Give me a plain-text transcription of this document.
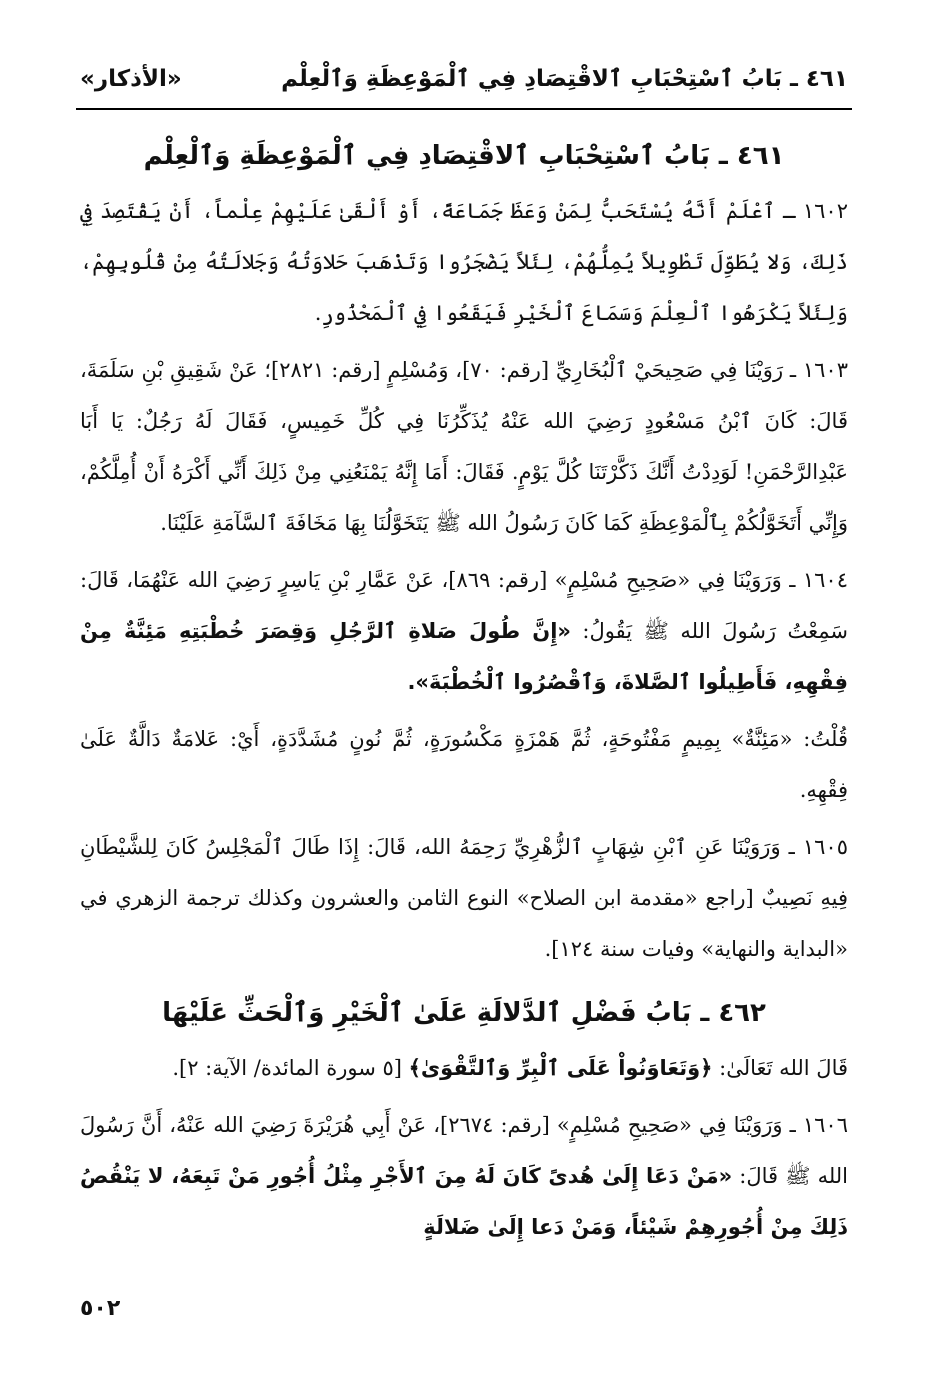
٤٦١ ـ بَابُ ٱسْتِحْبَابِ ٱلاقْتِصَادِ فِي ٱلْمَوْعِظَةِ وَٱلْعِلْم
«الأذكار»
٤٦١ ـ بَابُ ٱسْتِحْبَابِ ٱلاقْتِصَادِ فِي ٱلْمَوْعِظَةِ وَٱلْعِلْم

١٦٠٢ ـ ٱعْلَمْ أَنَّهُ يُسْتَحَبُّ لِمَنْ وَعَظَ جَمَاعَةً، أَوْ أَلْقَىٰ عَلَيْهِمْ عِلْماً، أَنْ يَقْتَصِدَ فِي ذَلِكَ، وَلا يُطَوِّلَ تَطْوِيلاً يُمِلُّهُمْ، لِئَلاً يَضْجَرُوا وَتَذْهَبَ حَلاوَتُهُ وَجَلالَتُهُ مِنْ قُلُوبِهِمْ، وَلِئَلاً يَكْرَهُوا ٱلْعِلْمَ وَسَمَاعَ ٱلْخَيْرِ فَيَقَعُوا فِي ٱلْمَحْذُورِ.

١٦٠٣ ـ رَوَيْنَا فِي صَحِيحَيْ ٱلْبُخَارِيِّ [رقم: ٧٠]، وَمُسْلِمٍ [رقم: ٢٨٢١]؛ عَنْ شَقِيقِ بْنِ سَلَمَةَ، قَالَ: كَانَ ٱبْنُ مَسْعُودٍ رَضِيَ الله عَنْهُ يُذَكِّرُنَا فِي كُلِّ خَمِيسٍ، فَقَالَ لَهُ رَجُلٌ: يَا أَبَا عَبْدِالرَّحْمَنِ! لَوَدِدْتُ أَنَّكَ ذَكَّرْتَنَا كُلَّ يَوْمٍ. فَقَالَ: أَمَا إِنَّهُ يَمْنَعُنِي مِنْ ذَلِكَ أَنِّي أَكْرَهُ أَنْ أُمِلَّكُمْ، وَإِنِّي أَتَخَوَّلُكُمْ بِٱلْمَوْعِظَةِ كَمَا كَانَ رَسُولُ الله ﷺ يَتَخَوَّلُنَا بِهَا مَخَافَةَ ٱلسَّآمَةِ عَلَيْنَا.

١٦٠٤ ـ وَرَوَيْنَا فِي «صَحِيحِ مُسْلِمٍ» [رقم: ٨٦٩]، عَنْ عَمَّارِ بْنِ يَاسِرٍ رَضِيَ الله عَنْهُمَا، قَالَ: سَمِعْتُ رَسُولَ الله ﷺ يَقُولُ: «إِنَّ طُولَ صَلاةِ ٱلرَّجُلِ وَقِصَرَ خُطْبَتِهِ مَئِنَّةٌ مِنْ فِقْهِهِ، فَأَطِيلُوا ٱلصَّلاةَ، وَٱقْصُرُوا ٱلْخُطْبَةَ».

قُلْتُ: «مَئِنَّةٌ» بِمِيمٍ مَفْتُوحَةٍ، ثُمَّ هَمْزَةٍ مَكْسُورَةٍ، ثُمَّ نُونٍ مُشَدَّدَةٍ، أَيْ: عَلامَةٌ دَالَّةٌ عَلَىٰ فِقْهِهِ.

١٦٠٥ ـ وَرَوَيْنَا عَنِ ٱبْنِ شِهَابٍ ٱلزُّهْرِيِّ رَحِمَهُ الله، قَالَ: إِذَا طَالَ ٱلْمَجْلِسُ كَانَ لِلشَّيْطَانِ فِيهِ نَصِيبٌ [راجع «مقدمة ابن الصلاح» النوع الثامن والعشرون وكذلك ترجمة الزهري في «البداية والنهاية» وفيات سنة ١٢٤].

٤٦٢ ـ بَابُ فَضْلِ ٱلدَّلالَةِ عَلَىٰ ٱلْخَيْرِ وَٱلْحَثِّ عَلَيْهَا

قَالَ الله تَعَالَىٰ: ﴿وَتَعَاوَنُواْ عَلَى ٱلْبِرِّ وَٱلتَّقْوَىٰ﴾ [٥ سورة المائدة/ الآية: ٢].

١٦٠٦ ـ وَرَوَيْنَا فِي «صَحِيحِ مُسْلِمٍ» [رقم: ٢٦٧٤]، عَنْ أَبِي هُرَيْرَةَ رَضِيَ الله عَنْهُ، أَنَّ رَسُولَ الله ﷺ قَالَ: «مَنْ دَعَا إِلَىٰ هُدىً كَانَ لَهُ مِنَ ٱلأَجْرِ مِثْلُ أُجُورِ مَنْ تَبِعَهُ، لا يَنْقُصُ ذَلِكَ مِنْ أُجُورِهِمْ شَيْئاً، وَمَنْ دَعا إِلَىٰ ضَلالَةٍ

٥٠٢
